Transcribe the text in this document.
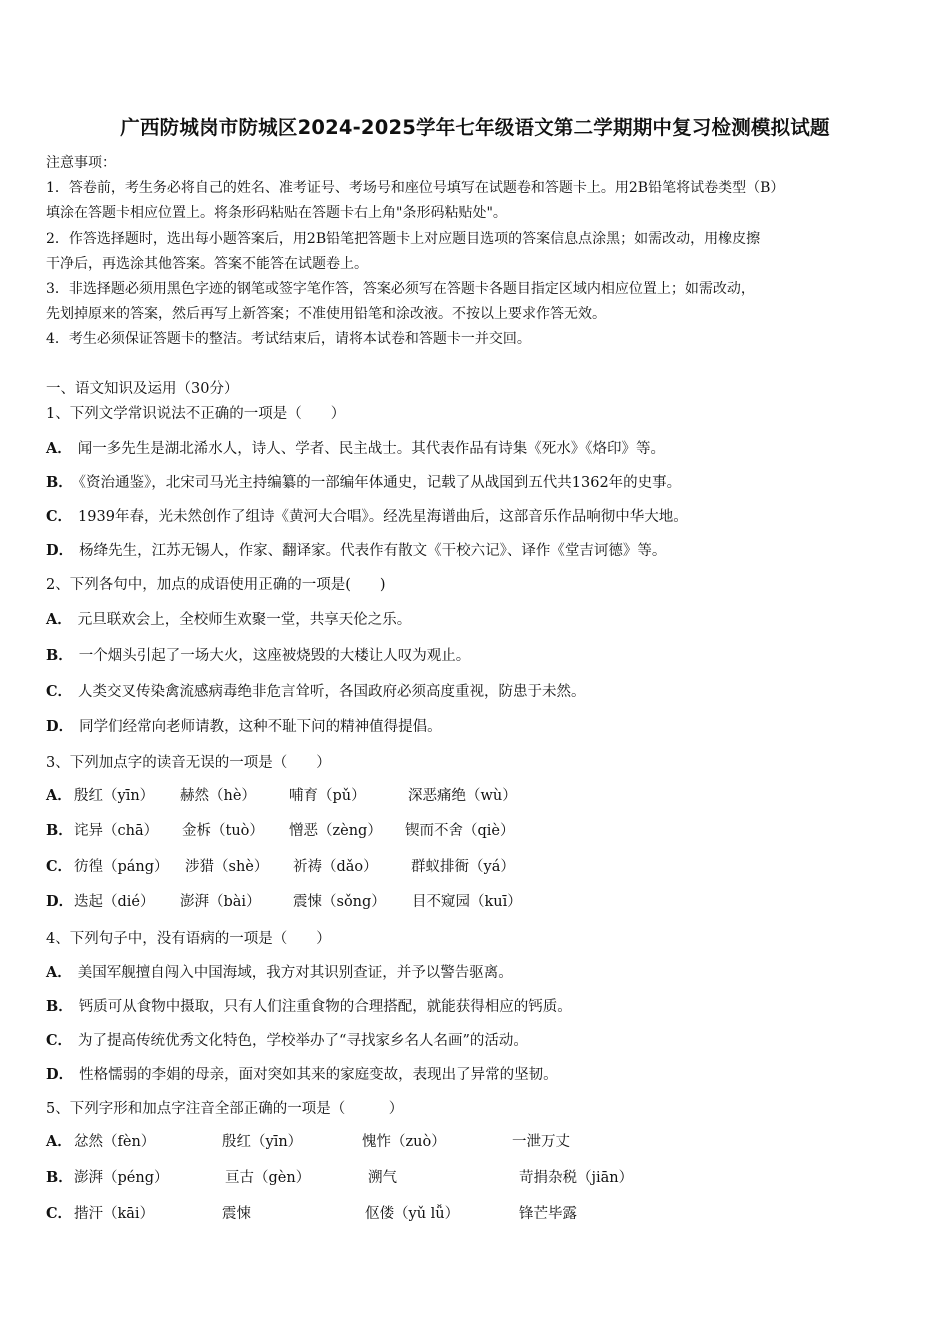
广西防城岗市防城区2024-2025学年七年级语文第二学期期中复习检测模拟试题
注意事项：
1．答卷前，考生务必将自己的姓名、准考证号、考场号和座位号填写在试题卷和答题卡上。用2B铅笔将试卷类型（B）
填涂在答题卡相应位置上。将条形码粘贴在答题卡右上角"条形码粘贴处"。
2．作答选择题时，选出每小题答案后，用2B铅笔把答题卡上对应题目选项的答案信息点涂黑；如需改动，用橡皮擦
干净后，再选涂其他答案。答案不能答在试题卷上。
3．非选择题必须用黑色字迹的钢笔或签字笔作答，答案必须写在答题卡各题目指定区域内相应位置上；如需改动，
先划掉原来的答案，然后再写上新答案；不准使用铅笔和涂改液。不按以上要求作答无效。
4．考生必须保证答题卡的整洁。考试结束后，请将本试卷和答题卡一并交回。
一、语文知识及运用（30分）
1、下列文学常识说法不正确的一项是（　　）
A． 闻一多先生是湖北浠水人，诗人、学者、民主战士。其代表作品有诗集《死水》《烙印》等。
B． 《资治通鉴》，北宋司马光主持编纂的一部编年体通史，记载了从战国到五代共1362年的史事。
C． 1939年春，光未然创作了组诗《黄河大合唱》。经冼星海谱曲后，这部音乐作品响彻中华大地。
D． 杨绛先生，江苏无锡人，作家、翻译家。代表作有散文《干校六记》、译作《堂吉诃德》等。
2、下列各句中，加点的成语使用正确的一项是(　　)
A． 元旦联欢会上，全校师生欢聚一堂，共享天伦之乐。
B． 一个烟头引起了一场大火，这座被烧毁的大楼让人叹为观止。
C． 人类交叉传染禽流感病毒绝非危言耸听，各国政府必须高度重视，防患于未然。
D． 同学们经常向老师请教，这种不耻下问的精神值得提倡。
3、下列加点字的读音无误的一项是（　　）
A． 殷红（yīn） 赫然（hè） 哺育（pǔ）	深恶痛绝（wù）
B． 诧异（chā） 金柝（tuò） 憎恶（zèng） 锲而不舍（qiè）
C． 彷徨（páng） 涉猎（shè） 祈祷（dǎo） 群蚁排衙（yá）
D． 迭起（dié） 澎湃（bài） 震悚（sǒng） 目不窥园（kuī）
4、下列句子中，没有语病的一项是（　　）
A． 美国军舰擅自闯入中国海域，我方对其识别查证，并予以警告驱离。
B． 钙质可从食物中摄取，只有人们注重食物的合理搭配，就能获得相应的钙质。
C． 为了提高传统优秀文化特色，学校举办了“寻找家乡名人名画”的活动。
D． 性格懦弱的李娟的母亲，面对突如其来的家庭变故，表现出了异常的坚韧。
5、下列字形和加点字注音全部正确的一项是（　　　）
A． 忿然（fèn）	殷红（yīn）	愧怍（zuò）	一泄万丈
B． 澎湃（péng）	亘古（gèn）	溯气	苛捐杂税（jiān）
C． 揩汗（kāi）	震悚	伛偻（yǔ lǚ）	锋芒毕露
